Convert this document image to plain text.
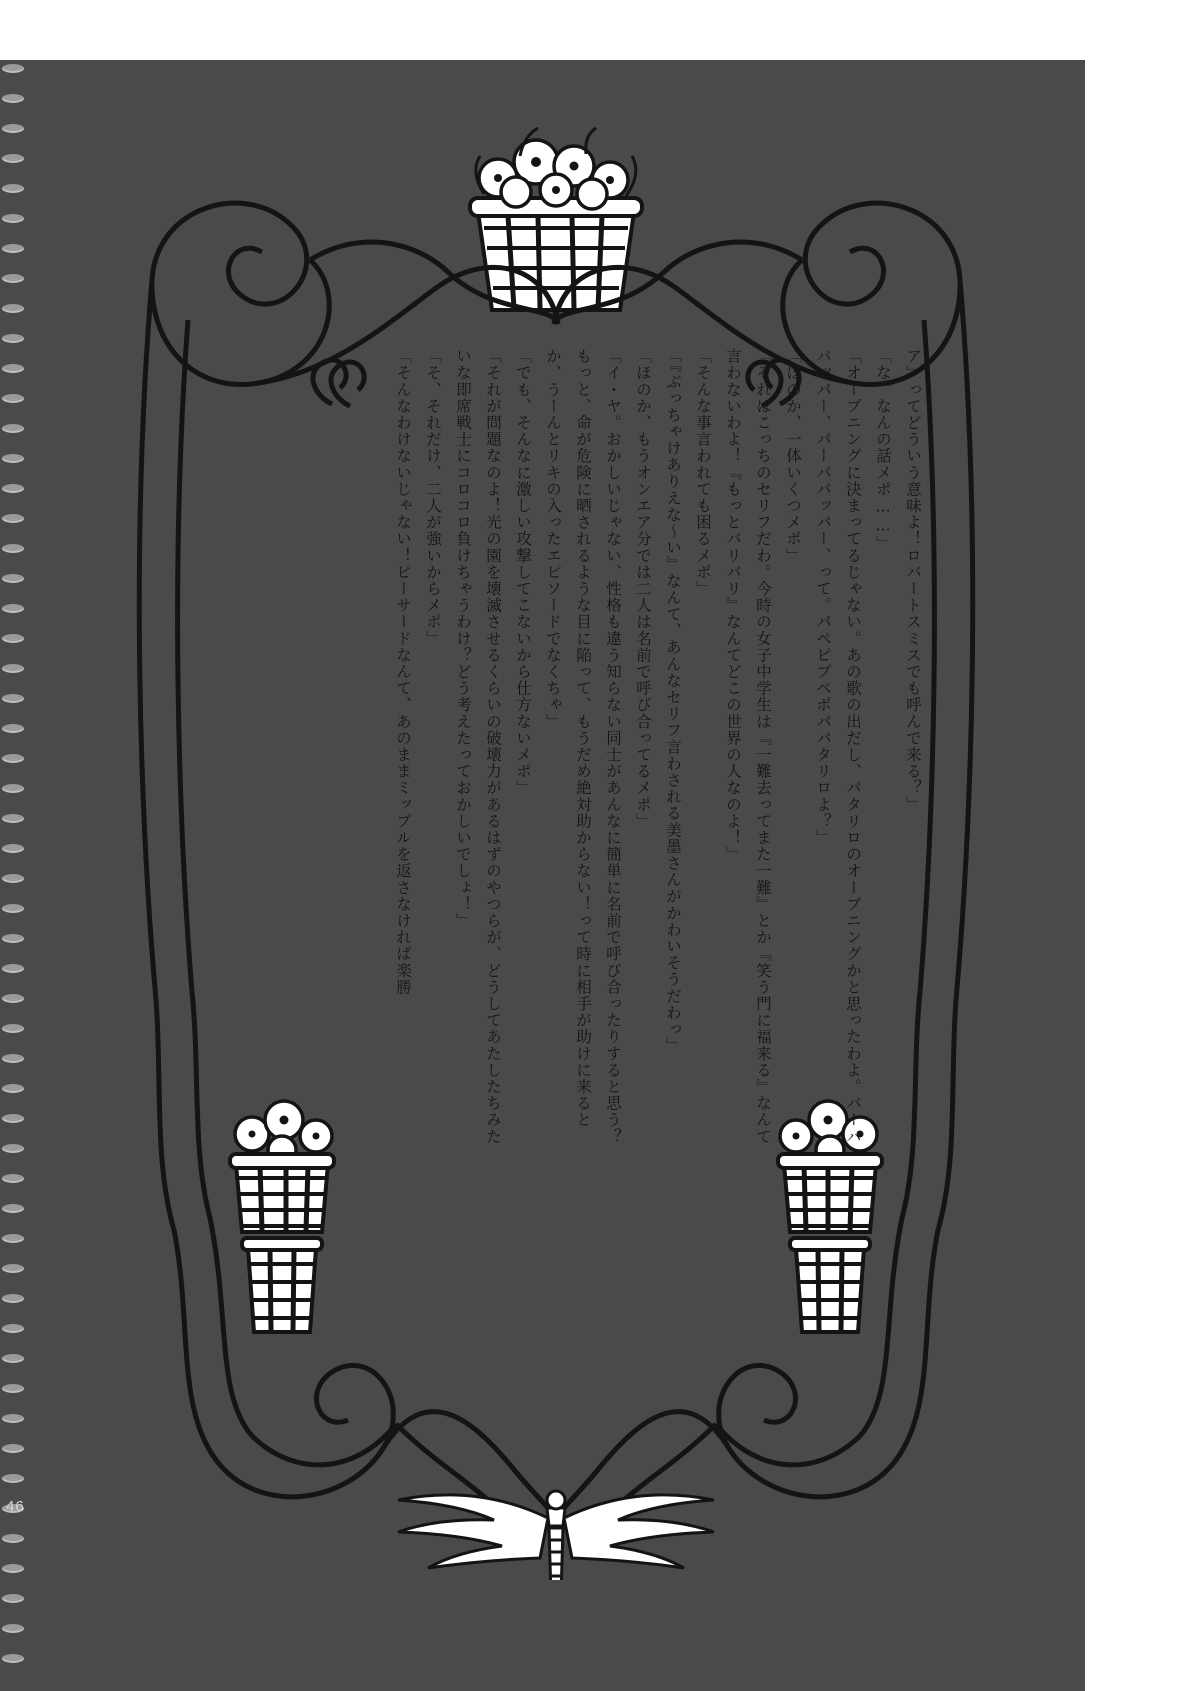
46

ア」ってどういう意味よ！ロバートスミスでも呼んで来る？」

「な、なんの話メポ……」

「オープニングに決まってるじゃない。あの歌の出だし、パタリロのオープニングかと思ったわよ。パーパパッパー、パーパパッパー、って。パペピプペポパパタリロよ？」

「ほのか、一体いくつメポ」

「それはこっちのセリフだわ。今時の女子中学生は『一難去ってまた一難』とか『笑う門に福来る』なんて言わないわよ！『もっとバリバリ』なんてどこの世界の人なのよ！」

「そんな事言われても困るメポ」

「『ぶっちゃけありえな〜い』なんて、あんなセリフ言わされる美墨さんがかわいそうだわっ」

「ほのか、もうオンエア分では二人は名前で呼び合ってるメポ」

「イ・ヤ。おかしいじゃない、性格も違う知らない同士があんなに簡単に名前で呼び合ったりすると思う？もっと、命が危険に晒されるような目に陥って、もうだめ絶対助からない！って時に相手が助けに来るとか、うーんとリキの入ったエピソードでなくちゃ」

「でも、そんなに激しい攻撃してこないから仕方ないメポ」

「それが問題なのよ！光の園を壊滅させるくらいの破壊力があるはずのやつらが、どうしてあたしたちみたいな即席戦士にコロコロ負けちゃうわけ？どう考えたっておかしいでしょ！」

「そ、それだけ、二人が強いからメポ」

「そんなわけないじゃない！ピーサードなんて、あのままミップルを返さなければ楽勝
